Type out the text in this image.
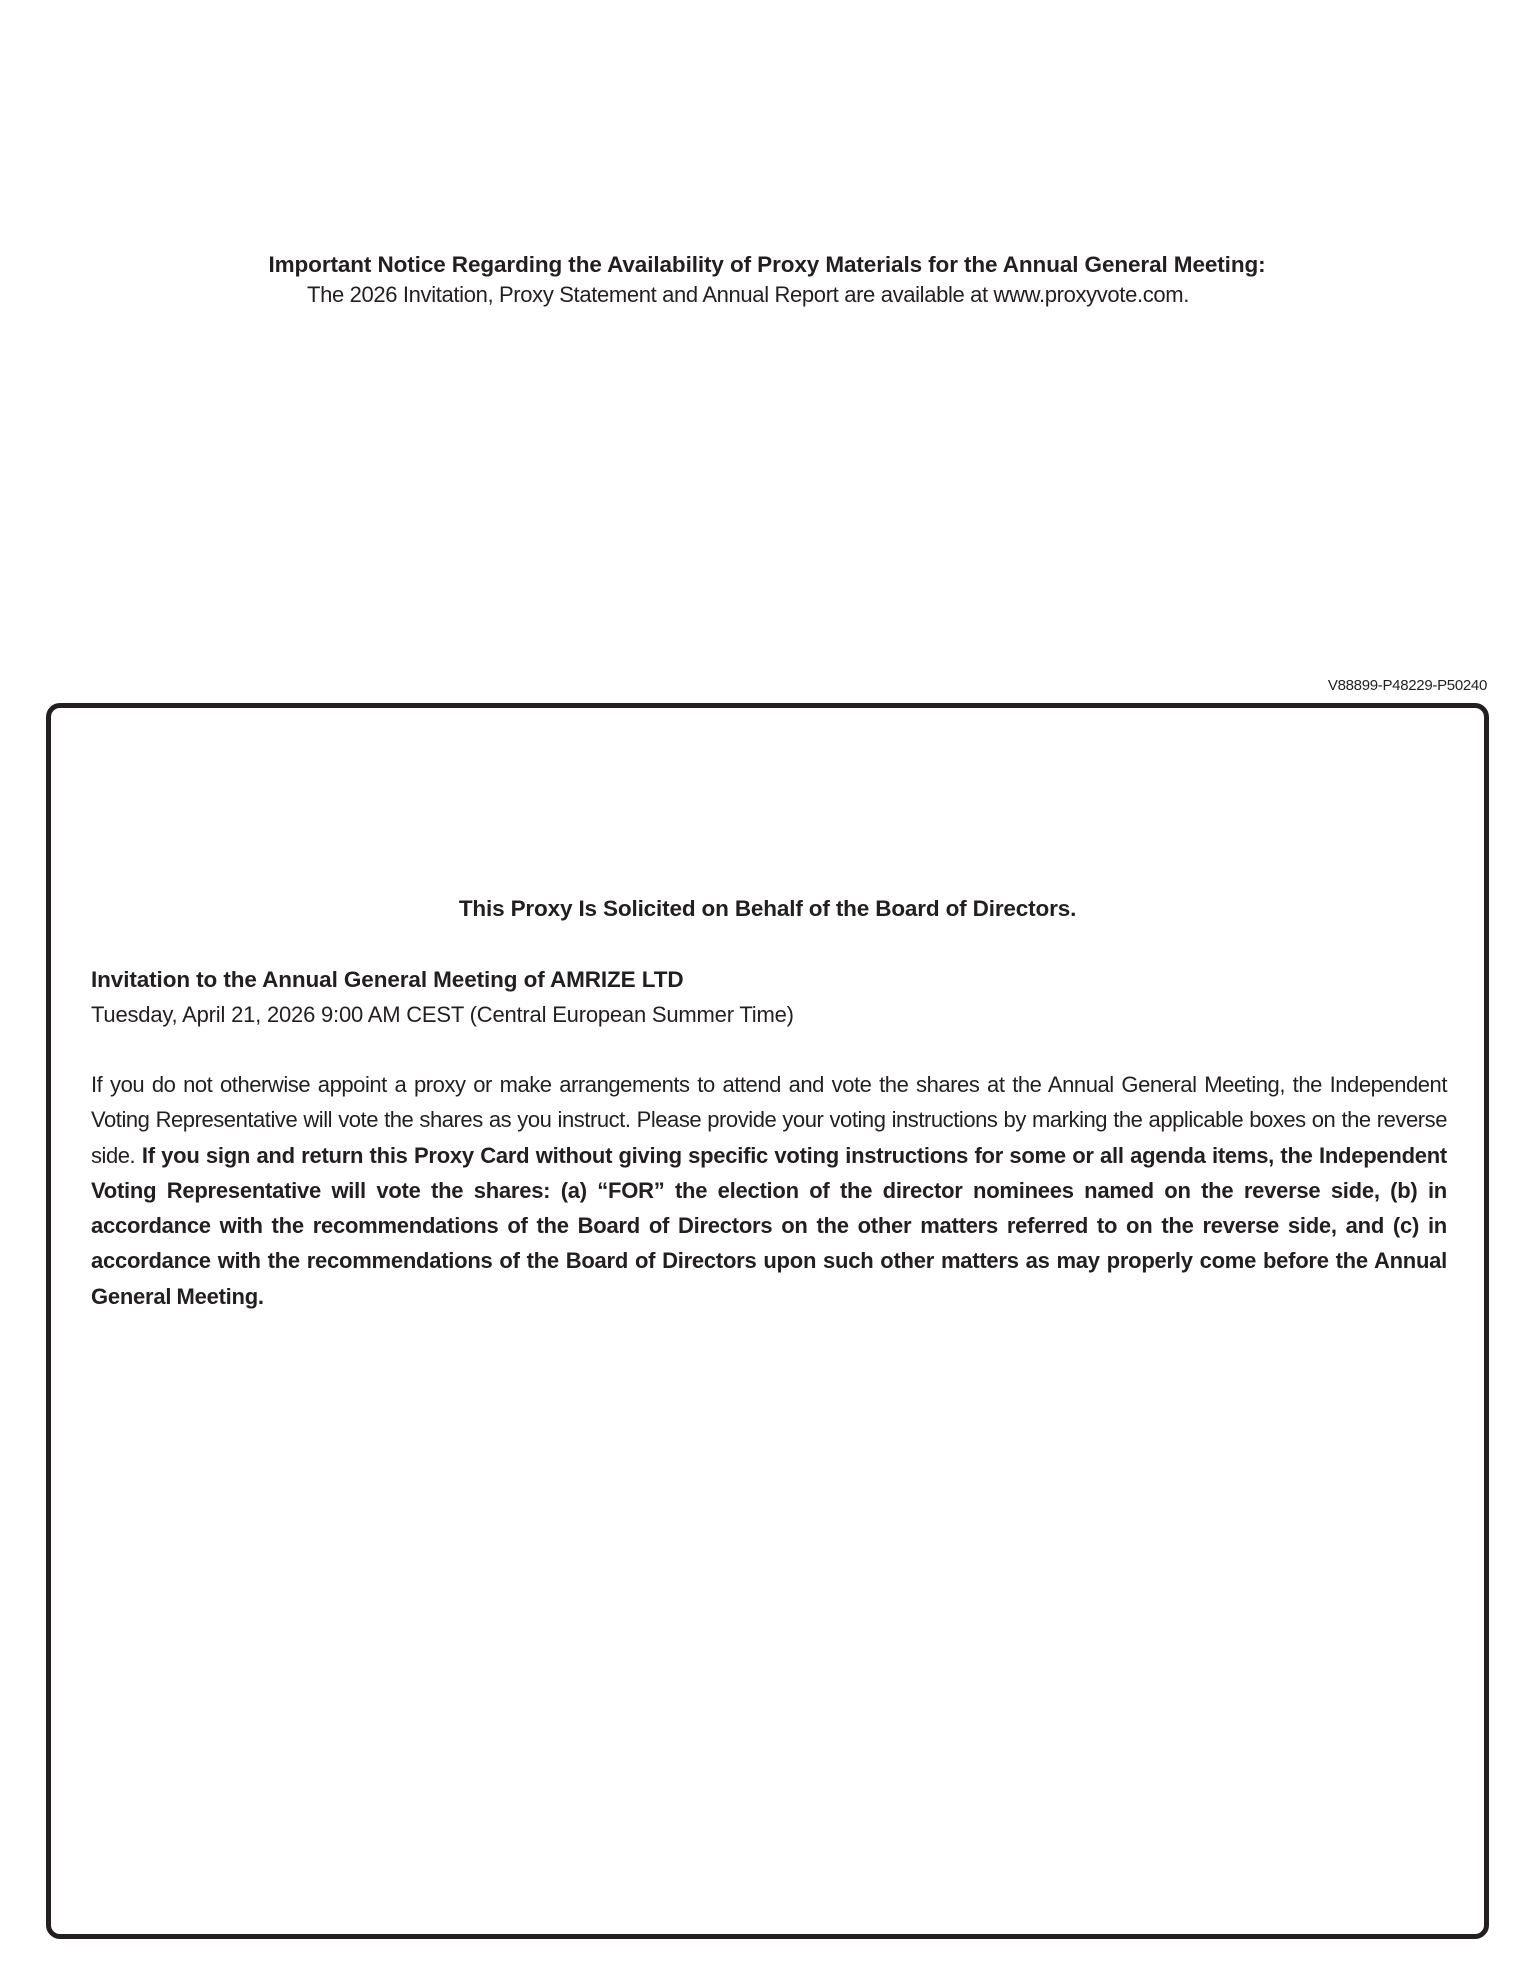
Important Notice Regarding the Availability of Proxy Materials for the Annual General Meeting:
The 2026 Invitation, Proxy Statement and Annual Report are available at www.proxyvote.com.
V88899-P48229-P50240
This Proxy Is Solicited on Behalf of the Board of Directors.
Invitation to the Annual General Meeting of AMRIZE LTD
Tuesday, April 21, 2026 9:00 AM CEST (Central European Summer Time)

If you do not otherwise appoint a proxy or make arrangements to attend and vote the shares at the Annual General Meeting, the Independent Voting Representative will vote the shares as you instruct. Please provide your voting instructions by marking the applicable boxes on the reverse side. If you sign and return this Proxy Card without giving specific voting instructions for some or all agenda items, the Independent Voting Representative will vote the shares: (a) “FOR” the election of the director nominees named on the reverse side, (b) in accordance with the recommendations of the Board of Directors on the other matters referred to on the reverse side, and (c) in accordance with the recommendations of the Board of Directors upon such other matters as may properly come before the Annual General Meeting.
